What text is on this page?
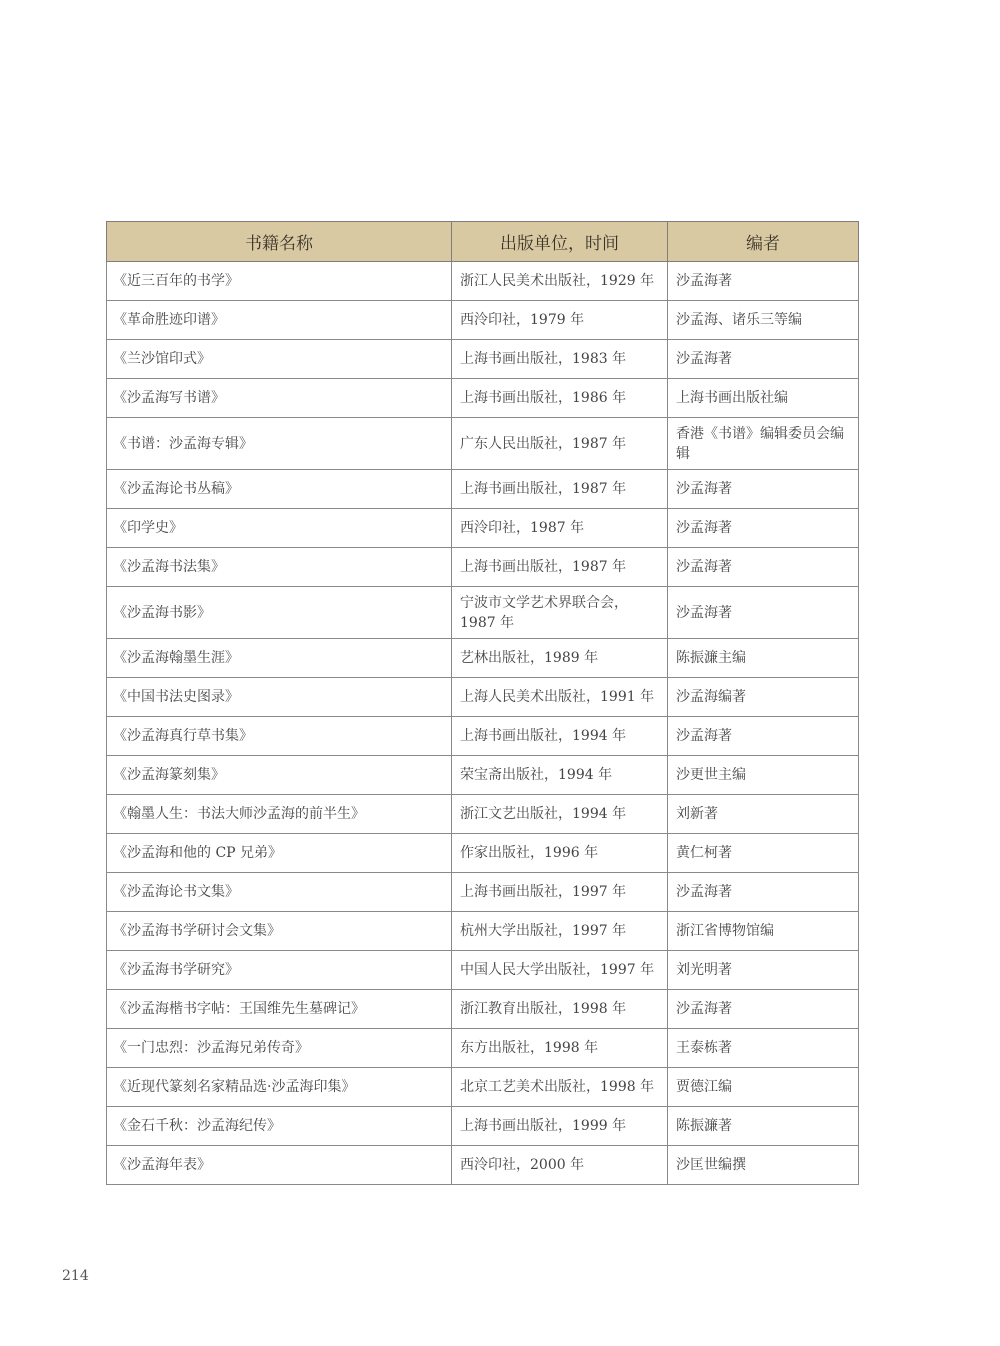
书籍名称	出版单位，时间	编者
《近三百年的书学》	浙江人民美术出版社，1929 年	沙孟海著
《革命胜迹印谱》	西泠印社，1979 年	沙孟海、诸乐三等编
《兰沙馆印式》	上海书画出版社，1983 年	沙孟海著
《沙孟海写书谱》	上海书画出版社，1986 年	上海书画出版社编
《书谱：沙孟海专辑》	广东人民出版社，1987 年	香港《书谱》编辑委员会编辑
《沙孟海论书丛稿》	上海书画出版社，1987 年	沙孟海著
《印学史》	西泠印社，1987 年	沙孟海著
《沙孟海书法集》	上海书画出版社，1987 年	沙孟海著
《沙孟海书影》	宁波市文学艺术界联合会，1987 年	沙孟海著
《沙孟海翰墨生涯》	艺林出版社，1989 年	陈振濂主编
《中国书法史图录》	上海人民美术出版社，1991 年	沙孟海编著
《沙孟海真行草书集》	上海书画出版社，1994 年	沙孟海著
《沙孟海篆刻集》	荣宝斋出版社，1994 年	沙更世主编
《翰墨人生：书法大师沙孟海的前半生》	浙江文艺出版社，1994 年	刘新著
《沙孟海和他的 CP 兄弟》	作家出版社，1996 年	黄仁柯著
《沙孟海论书文集》	上海书画出版社，1997 年	沙孟海著
《沙孟海书学研讨会文集》	杭州大学出版社，1997 年	浙江省博物馆编
《沙孟海书学研究》	中国人民大学出版社，1997 年	刘光明著
《沙孟海楷书字帖：王国维先生墓碑记》	浙江教育出版社，1998 年	沙孟海著
《一门忠烈：沙孟海兄弟传奇》	东方出版社，1998 年	王泰栋著
《近现代篆刻名家精品选·沙孟海印集》	北京工艺美术出版社，1998 年	贾德江编
《金石千秋：沙孟海纪传》	上海书画出版社，1999 年	陈振濂著
《沙孟海年表》	西泠印社，2000 年	沙匡世编撰
214
